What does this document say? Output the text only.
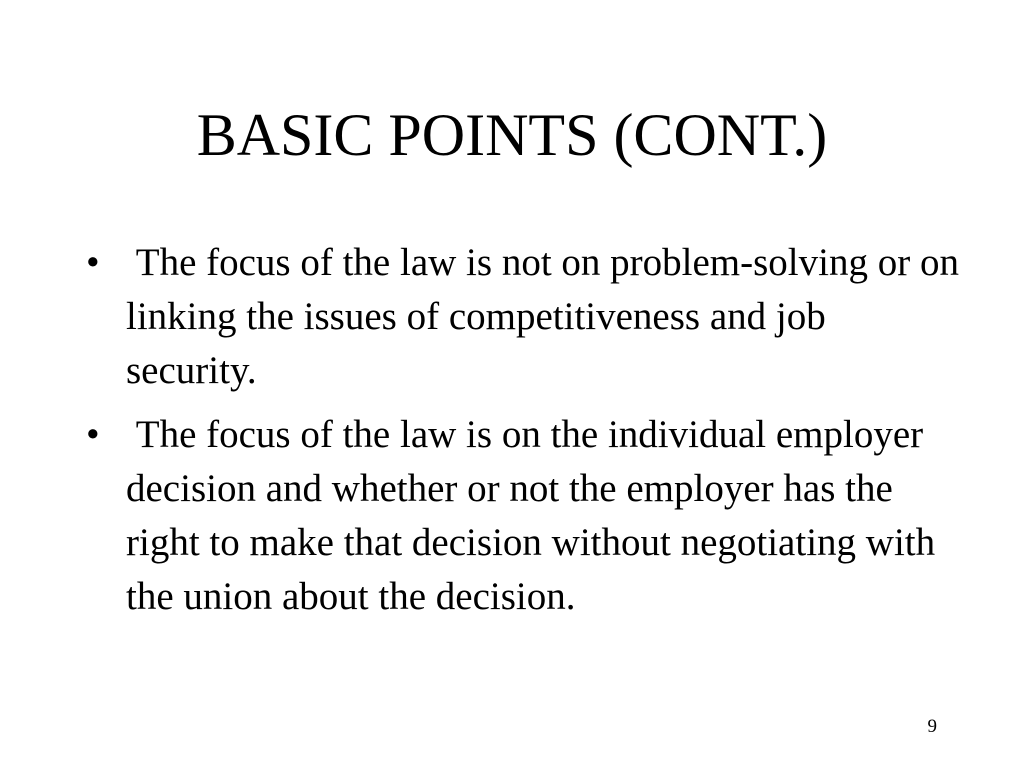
BASIC POINTS (CONT.)
• The focus of the law is not on problem-solving or on linking the issues of competitiveness and job security.
• The focus of the law is on the individual employer decision and whether or not the employer has the right to make that decision without negotiating with the union about the decision.
9
